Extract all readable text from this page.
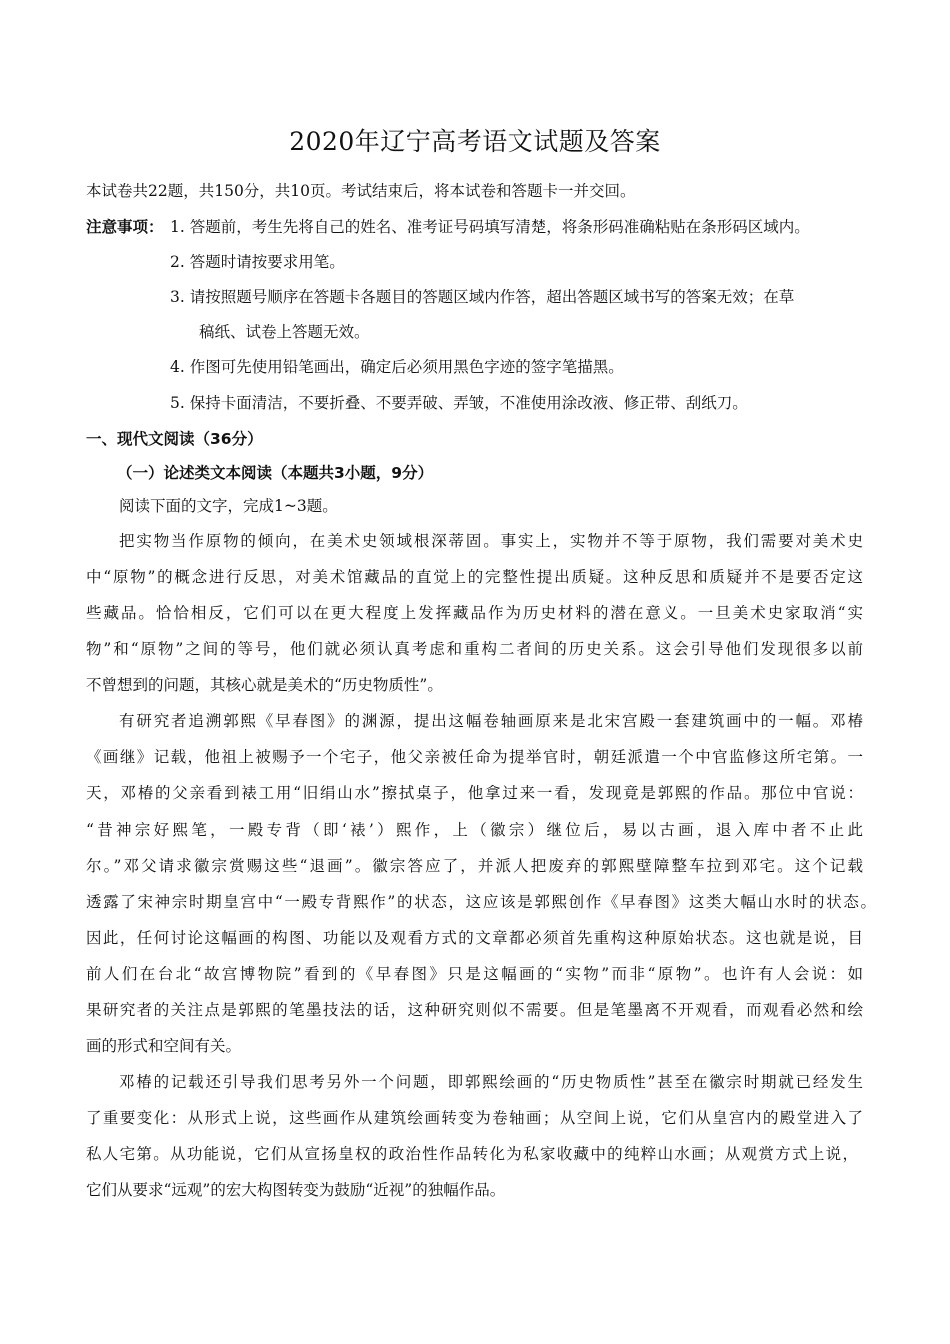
2020年辽宁高考语文试题及答案
本试卷共22题，共150分，共10页。考试结束后，将本试卷和答题卡一并交回。
注意事项： 1. 答题前，考生先将自己的姓名、准考证号码填写清楚，将条形码准确粘贴在条形码区域内。
2. 答题时请按要求用笔。
3. 请按照题号顺序在答题卡各题目的答题区域内作答，超出答题区域书写的答案无效；在草
稿纸、试卷上答题无效。
4. 作图可先使用铅笔画出，确定后必须用黑色字迹的签字笔描黑。
5. 保持卡面清洁，不要折叠、不要弄破、弄皱，不准使用涂改液、修正带、刮纸刀。
一、现代文阅读（36分）
（一）论述类文本阅读（本题共3小题，9分）
阅读下面的文字，完成1~3题。
把实物当作原物的倾向，在美术史领域根深蒂固。事实上，实物并不等于原物，我们需要对美术史
中“原物”的概念进行反思，对美术馆藏品的直觉上的完整性提出质疑。这种反思和质疑并不是要否定这
些藏品。恰恰相反，它们可以在更大程度上发挥藏品作为历史材料的潜在意义。一旦美术史家取消“实
物”和“原物”之间的等号，他们就必须认真考虑和重构二者间的历史关系。这会引导他们发现很多以前
不曾想到的问题，其核心就是美术的“历史物质性”。
有研究者追溯郭熙《早春图》的渊源，提出这幅卷轴画原来是北宋宫殿一套建筑画中的一幅。邓椿
《画继》记载，他祖上被赐予一个宅子，他父亲被任命为提举官时，朝廷派遣一个中官监修这所宅第。一
天，邓椿的父亲看到裱工用“旧绢山水”擦拭桌子，他拿过来一看，发现竟是郭熙的作品。那位中官说：
“昔神宗好熙笔，一殿专背（即‘裱’）熙作，上（徽宗）继位后，易以古画，退入库中者不止此
尔。”邓父请求徽宗赏赐这些“退画”。徽宗答应了，并派人把废弃的郭熙壁障整车拉到邓宅。这个记载
透露了宋神宗时期皇宫中“一殿专背熙作”的状态，这应该是郭熙创作《早春图》这类大幅山水时的状态。
因此，任何讨论这幅画的构图、功能以及观看方式的文章都必须首先重构这种原始状态。这也就是说，目
前人们在台北“故宫博物院”看到的《早春图》只是这幅画的“实物”而非“原物”。也许有人会说：如
果研究者的关注点是郭熙的笔墨技法的话，这种研究则似不需要。但是笔墨离不开观看，而观看必然和绘
画的形式和空间有关。
邓椿的记载还引导我们思考另外一个问题，即郭熙绘画的“历史物质性”甚至在徽宗时期就已经发生
了重要变化：从形式上说，这些画作从建筑绘画转变为卷轴画；从空间上说，它们从皇宫内的殿堂进入了
私人宅第。从功能说，它们从宣扬皇权的政治性作品转化为私家收藏中的纯粹山水画；从观赏方式上说，
它们从要求“远观”的宏大构图转变为鼓励“近视”的独幅作品。
